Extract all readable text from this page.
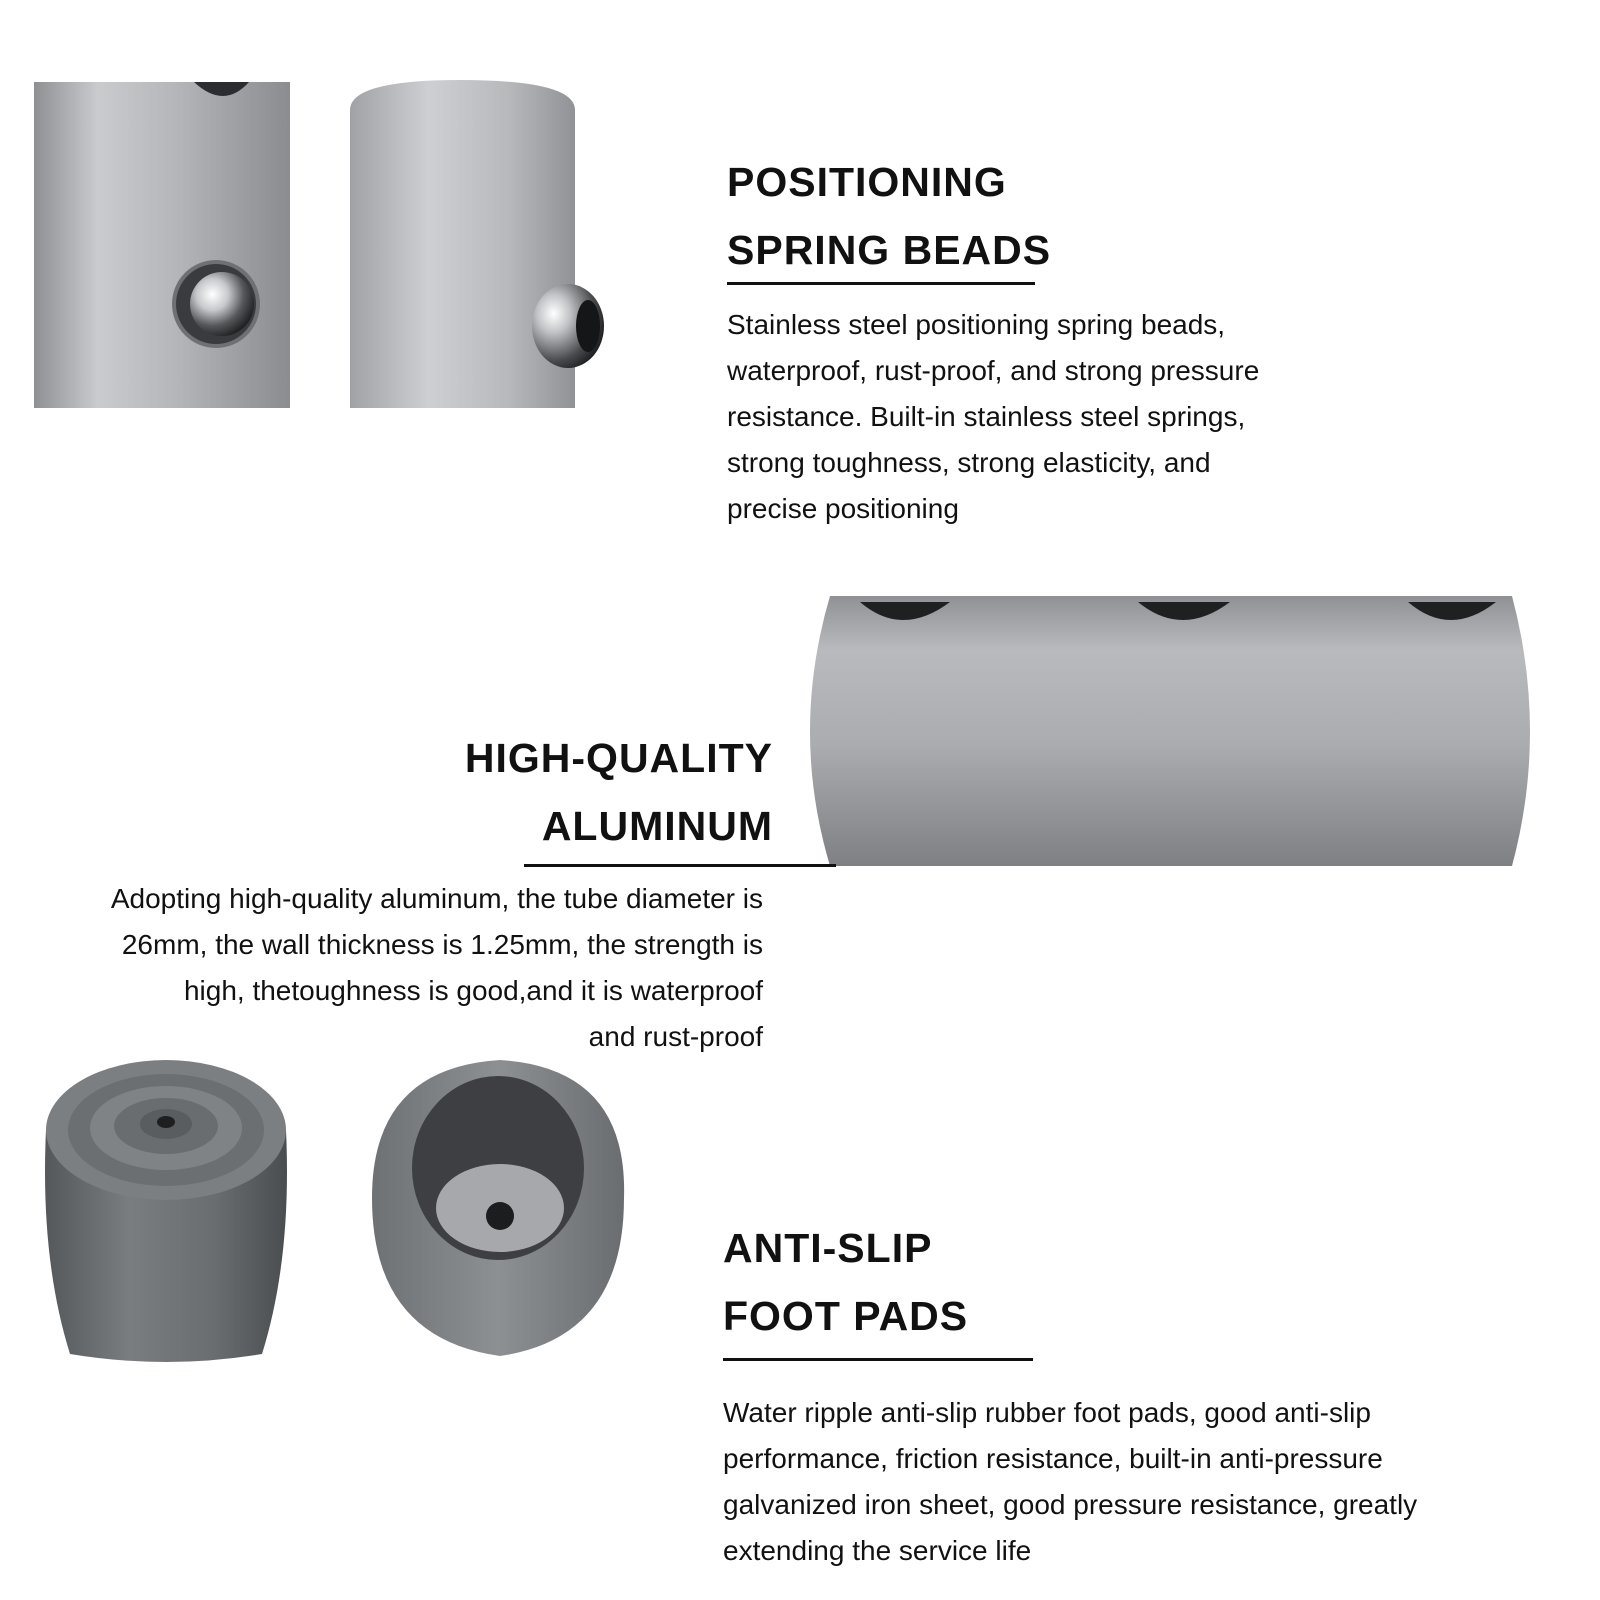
POSITIONING
SPRING BEADS
Stainless steel positioning spring beads,
waterproof, rust-proof, and strong pressure
resistance. Built-in stainless steel springs,
strong toughness, strong elasticity, and
precise positioning
HIGH-QUALITY
ALUMINUM
Adopting high-quality aluminum, the tube diameter is
26mm, the wall thickness is 1.25mm, the strength is
high, thetoughness is good,and it is waterproof
and rust-proof
ANTI-SLIP
FOOT PADS
Water ripple anti-slip rubber foot pads, good anti-slip
performance, friction resistance, built-in anti-pressure
galvanized iron sheet, good pressure resistance, greatly
extending the service life
